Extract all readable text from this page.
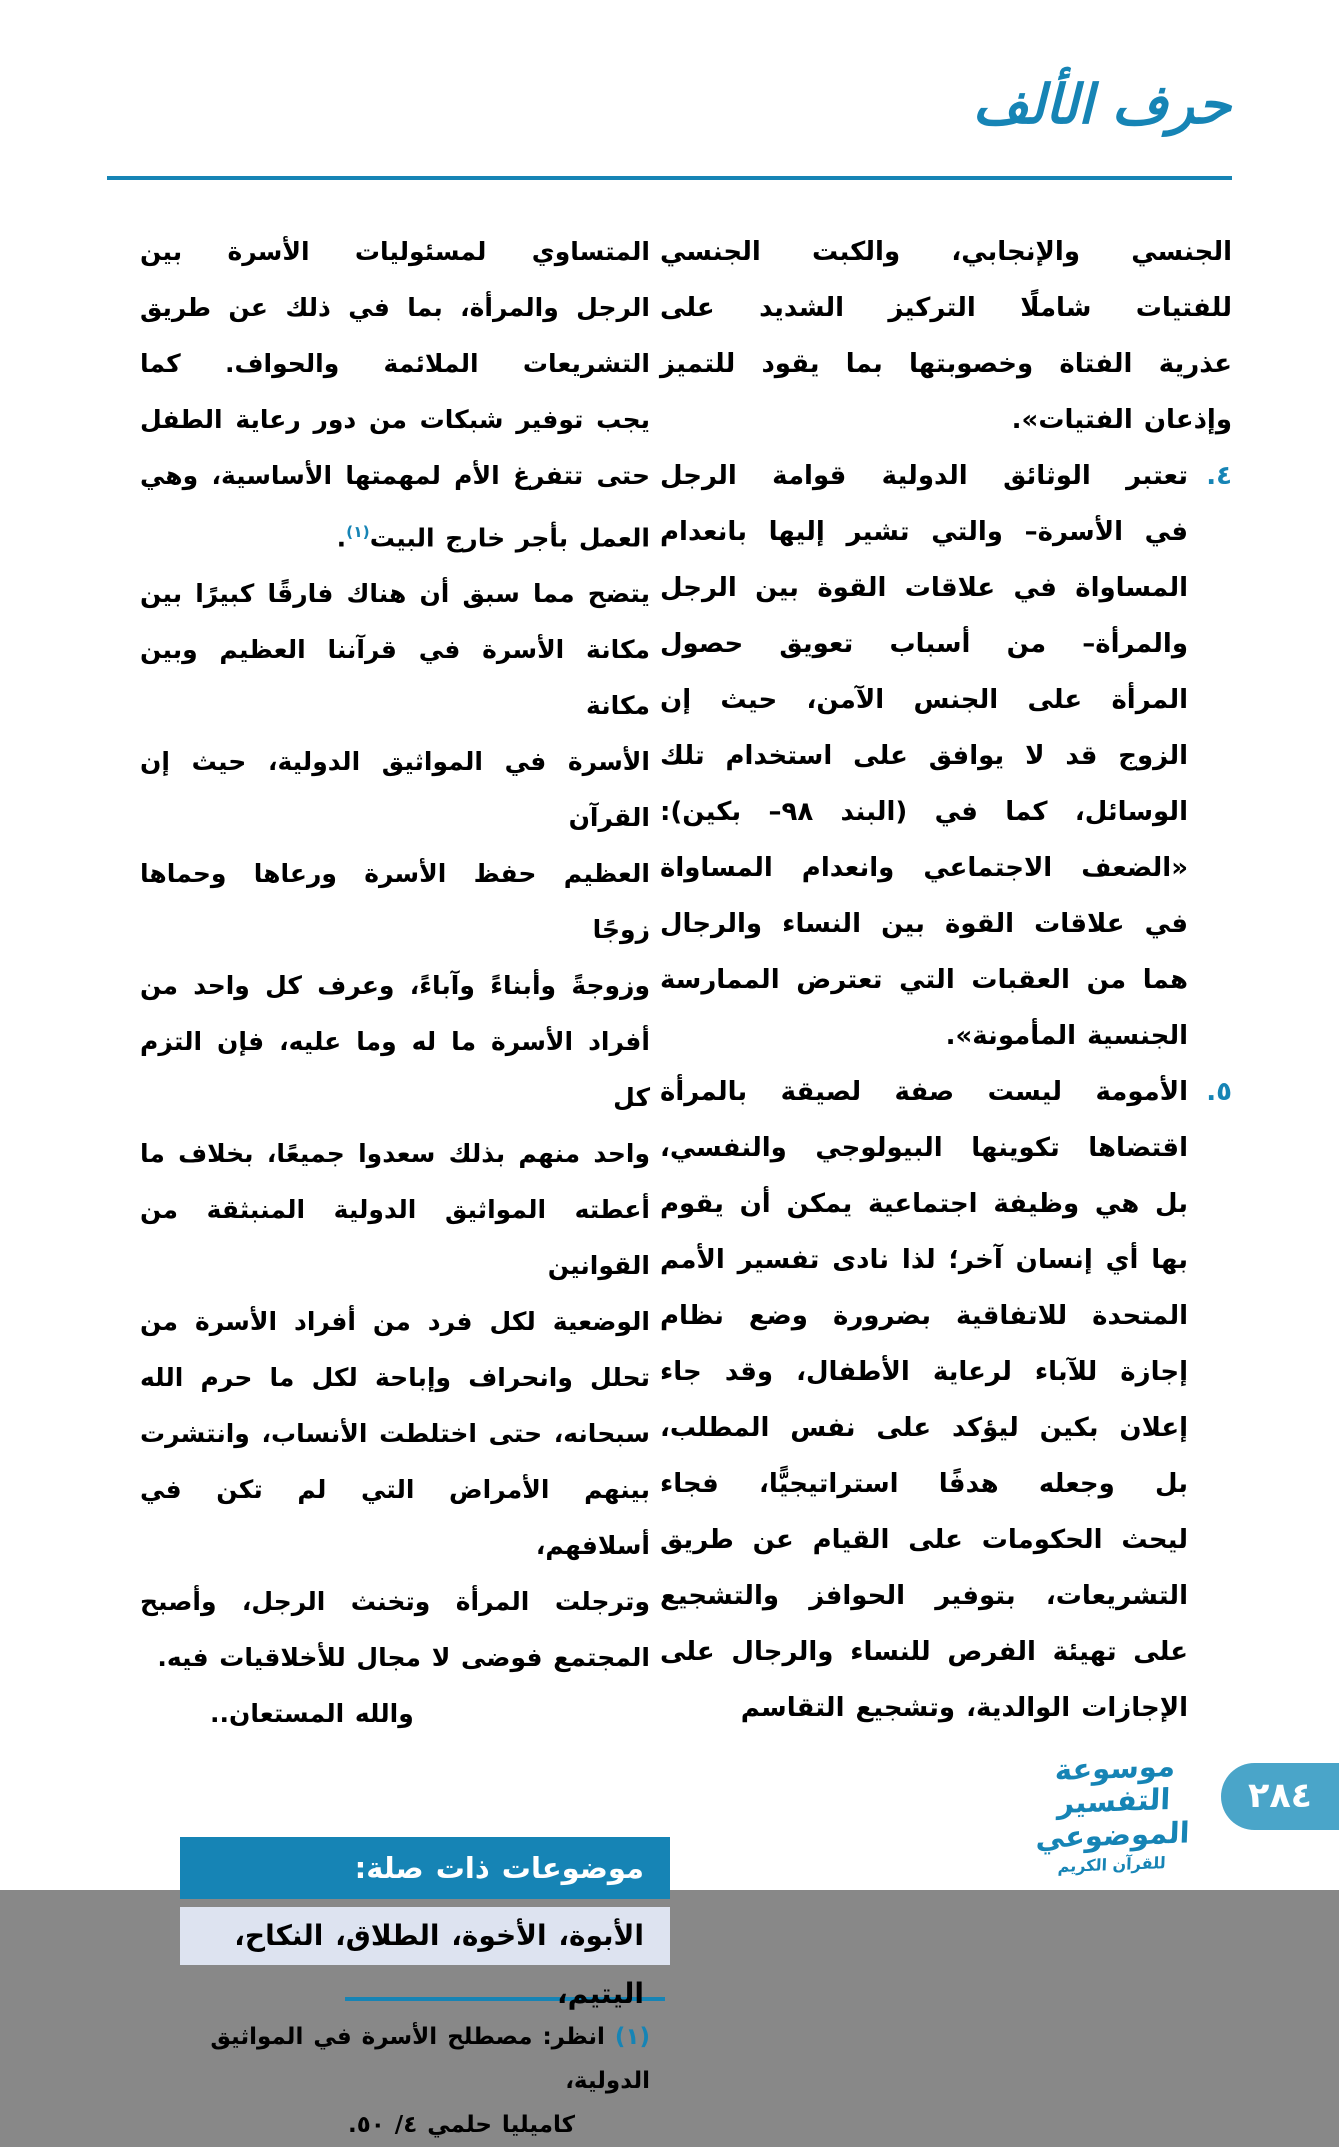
حرف الألف
الجنسي والإنجابي، والكبت الجنسي
للفتيات شاملًا التركيز الشديد على
عذرية الفتاة وخصوبتها بما يقود للتميز
وإذعان الفتيات».
٤.
تعتبر الوثائق الدولية قوامة الرجل
في الأسرة– والتي تشير إليها بانعدام
المساواة في علاقات القوة بين الرجل
والمرأة– من أسباب تعويق حصول
المرأة على الجنس الآمن، حيث إن
الزوج قد لا يوافق على استخدام تلك
الوسائل، كما في (البند ٩٨– بكين):
«الضعف الاجتماعي وانعدام المساواة
في علاقات القوة بين النساء والرجال
هما من العقبات التي تعترض الممارسة
الجنسية المأمونة».
٥.
الأمومة ليست صفة لصيقة بالمرأة
اقتضاها تكوينها البيولوجي والنفسي،
بل هي وظيفة اجتماعية يمكن أن يقوم
بها أي إنسان آخر؛ لذا نادى تفسير الأمم
المتحدة للاتفاقية بضرورة وضع نظام
إجازة للآباء لرعاية الأطفال، وقد جاء
إعلان بكين ليؤكد على نفس المطلب،
بل وجعله هدفًا استراتيجيًّا، فجاء
ليحث الحكومات على القيام عن طريق
التشريعات، بتوفير الحوافز والتشجيع
على تهيئة الفرص للنساء والرجال على
الإجازات الوالدية، وتشجيع التقاسم
المتساوي لمسئوليات الأسرة بين
الرجل والمرأة، بما في ذلك عن طريق
التشريعات الملائمة والحواف. كما
يجب توفير شبكات من دور رعاية الطفل
حتى تتفرغ الأم لمهمتها الأساسية، وهي
العمل بأجر خارج البيت$^{(١)}$.
يتضح مما سبق أن هناك فارقًا كبيرًا بين
مكانة الأسرة في قرآننا العظيم وبين مكانة
الأسرة في المواثيق الدولية، حيث إن القرآن
العظيم حفظ الأسرة ورعاها وحماها زوجًا
وزوجةً وأبناءً وآباءً، وعرف كل واحد من
أفراد الأسرة ما له وما عليه، فإن التزم كل
واحد منهم بذلك سعدوا جميعًا، بخلاف ما
أعطته المواثيق الدولية المنبثقة من القوانين
الوضعية لكل فرد من أفراد الأسرة من
تحلل وانحراف وإباحة لكل ما حرم الله
سبحانه، حتى اختلطت الأنساب، وانتشرت
بينهم الأمراض التي لم تكن في أسلافهم،
وترجلت المرأة وتخنث الرجل، وأصبح
المجتمع فوضى لا مجال للأخلاقيات فيه.
والله المستعان..
موضوعات ذات صلة:
الأبوة، الأخوة، الطلاق، النكاح، اليتيم،
(١) انظر: مصطلح الأسرة في المواثيق الدولية،
كاميليا حلمي ٤/ ٥٠.
موسوعة التفسير الموضوعي
للقرآن الكريم
٢٨٤
